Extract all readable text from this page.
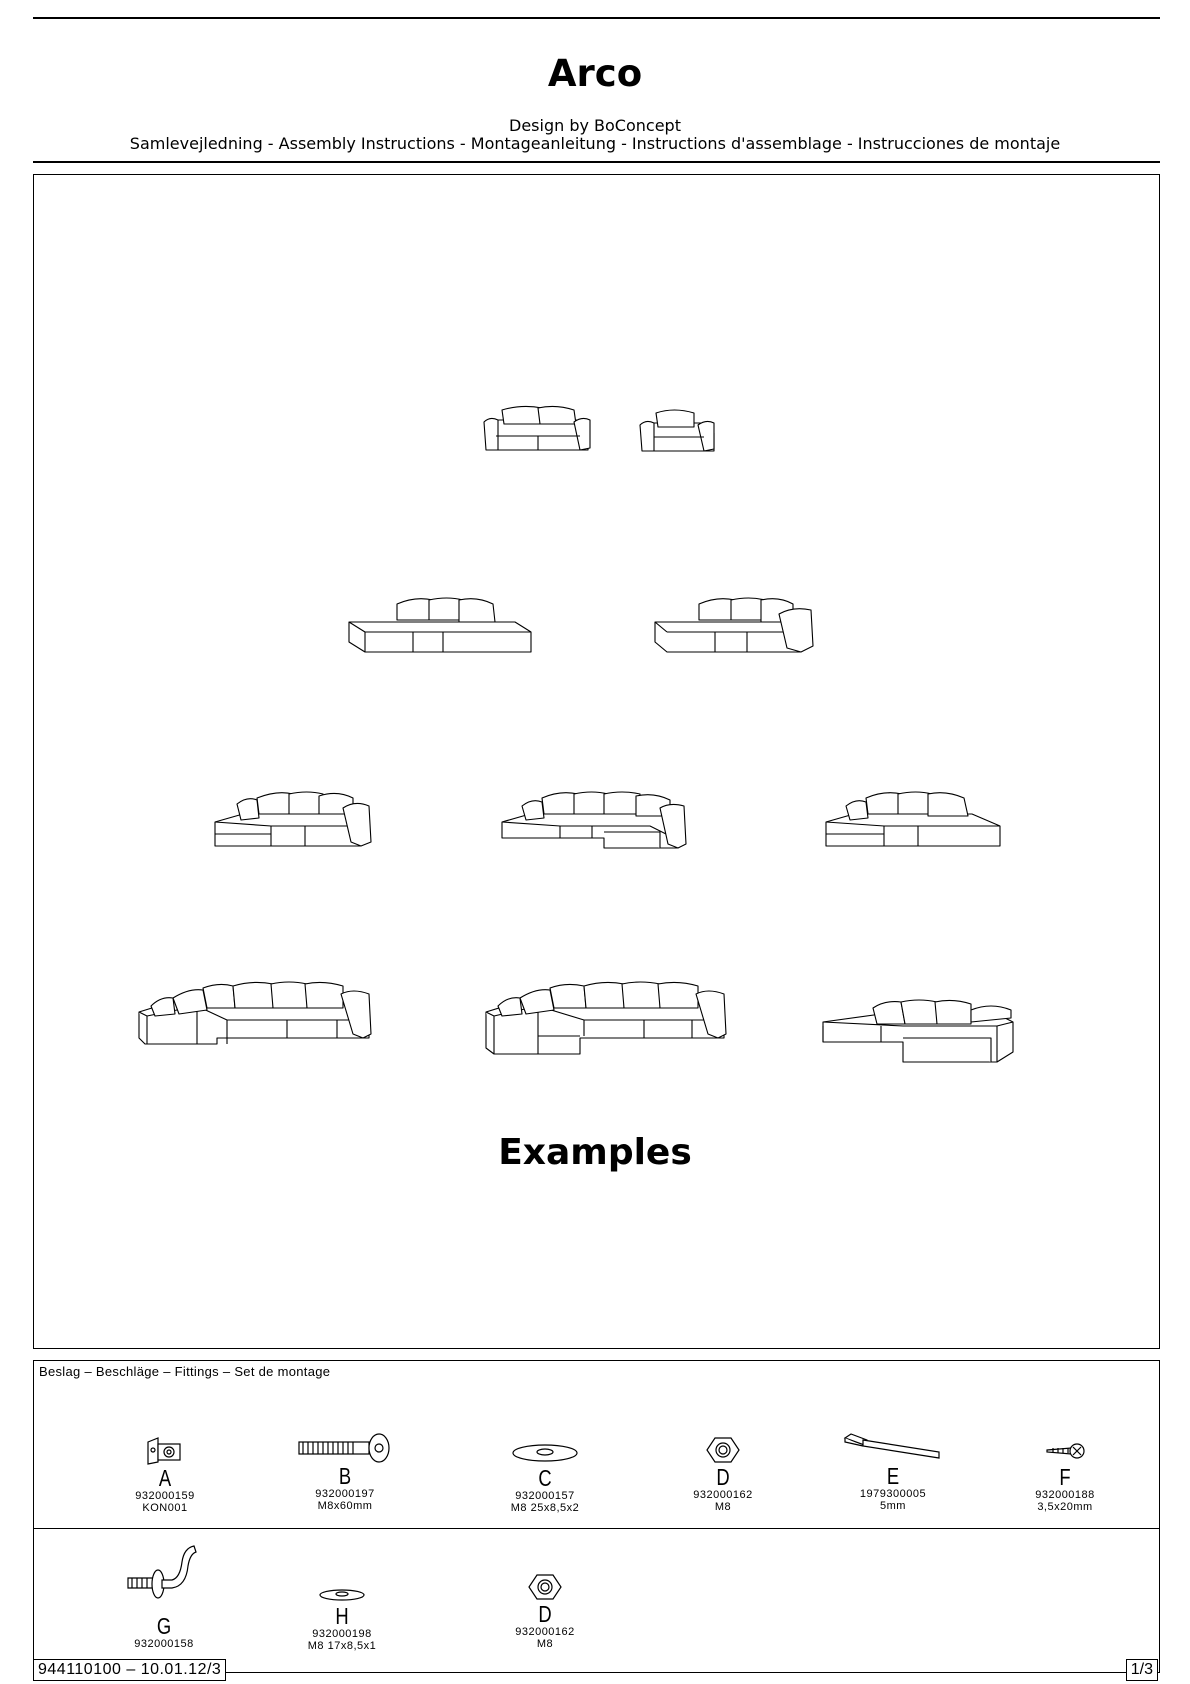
Arco
Design by BoConcept
Samlevejledning - Assembly Instructions - Montageanleitung - Instructions d'assemblage - Instrucciones de montaje
Examples
Beslag – Beschläge – Fittings – Set de montage
A
932000159
KON001
B
932000197
M8x60mm
C
932000157
M8 25x8,5x2
D
932000162
M8
E
1979300005
5mm
F
932000188
3,5x20mm
G
932000158
H
932000198
M8 17x8,5x1
D
932000162
M8
944110100 – 10.01.12/3	1/3
